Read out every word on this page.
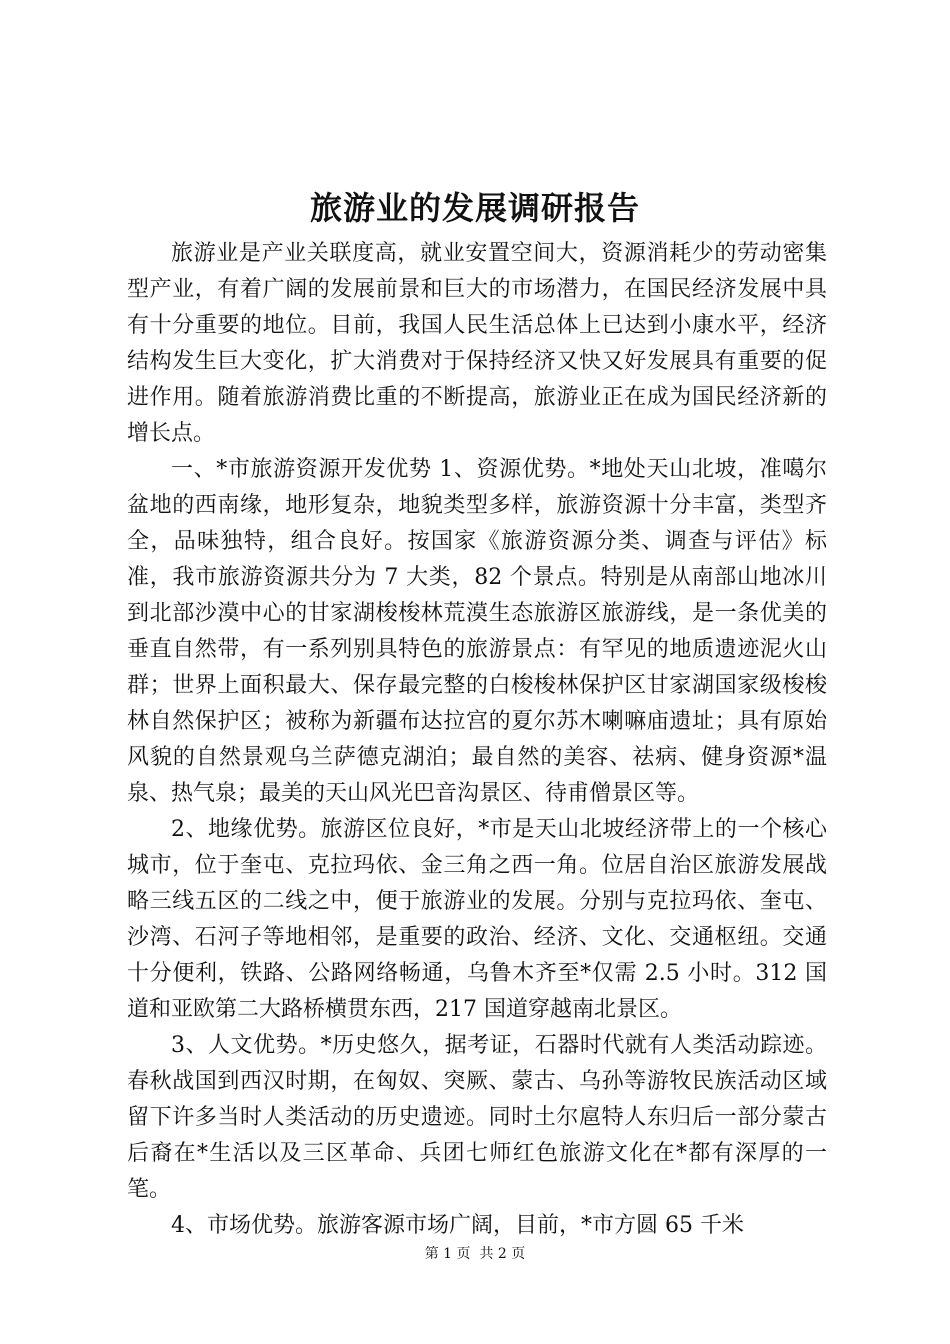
旅游业的发展调研报告

旅游业是产业关联度高，就业安置空间大，资源消耗少的劳动密集型产业，有着广阔的发展前景和巨大的市场潜力，在国民经济发展中具有十分重要的地位。目前，我国人民生活总体上已达到小康水平，经济结构发生巨大变化，扩大消费对于保持经济又快又好发展具有重要的促进作用。随着旅游消费比重的不断提高，旅游业正在成为国民经济新的增长点。

一、*市旅游资源开发优势 1、资源优势。*地处天山北坡，准噶尔盆地的西南缘，地形复杂，地貌类型多样，旅游资源十分丰富，类型齐全，品味独特，组合良好。按国家《旅游资源分类、调查与评估》标准，我市旅游资源共分为 7 大类，82 个景点。特别是从南部山地冰川到北部沙漠中心的甘家湖梭梭林荒漠生态旅游区旅游线，是一条优美的垂直自然带，有一系列别具特色的旅游景点：有罕见的地质遗迹泥火山群；世界上面积最大、保存最完整的白梭梭林保护区甘家湖国家级梭梭林自然保护区；被称为新疆布达拉宫的夏尔苏木喇嘛庙遗址；具有原始风貌的自然景观乌兰萨德克湖泊；最自然的美容、祛病、健身资源*温泉、热气泉；最美的天山风光巴音沟景区、待甫僧景区等。

2、地缘优势。旅游区位良好，*市是天山北坡经济带上的一个核心城市，位于奎屯、克拉玛依、金三角之西一角。位居自治区旅游发展战略三线五区的二线之中，便于旅游业的发展。分别与克拉玛依、奎屯、沙湾、石河子等地相邻，是重要的政治、经济、文化、交通枢纽。交通十分便利，铁路、公路网络畅通，乌鲁木齐至*仅需 2.5 小时。312 国道和亚欧第二大路桥横贯东西，217 国道穿越南北景区。

3、人文优势。*历史悠久，据考证，石器时代就有人类活动踪迹。春秋战国到西汉时期，在匈奴、突厥、蒙古、乌孙等游牧民族活动区域留下许多当时人类活动的历史遗迹。同时土尔扈特人东归后一部分蒙古后裔在*生活以及三区革命、兵团七师红色旅游文化在*都有深厚的一笔。

4、市场优势。旅游客源市场广阔，目前，*市方圆 65 千米

第 1 页 共 2 页
